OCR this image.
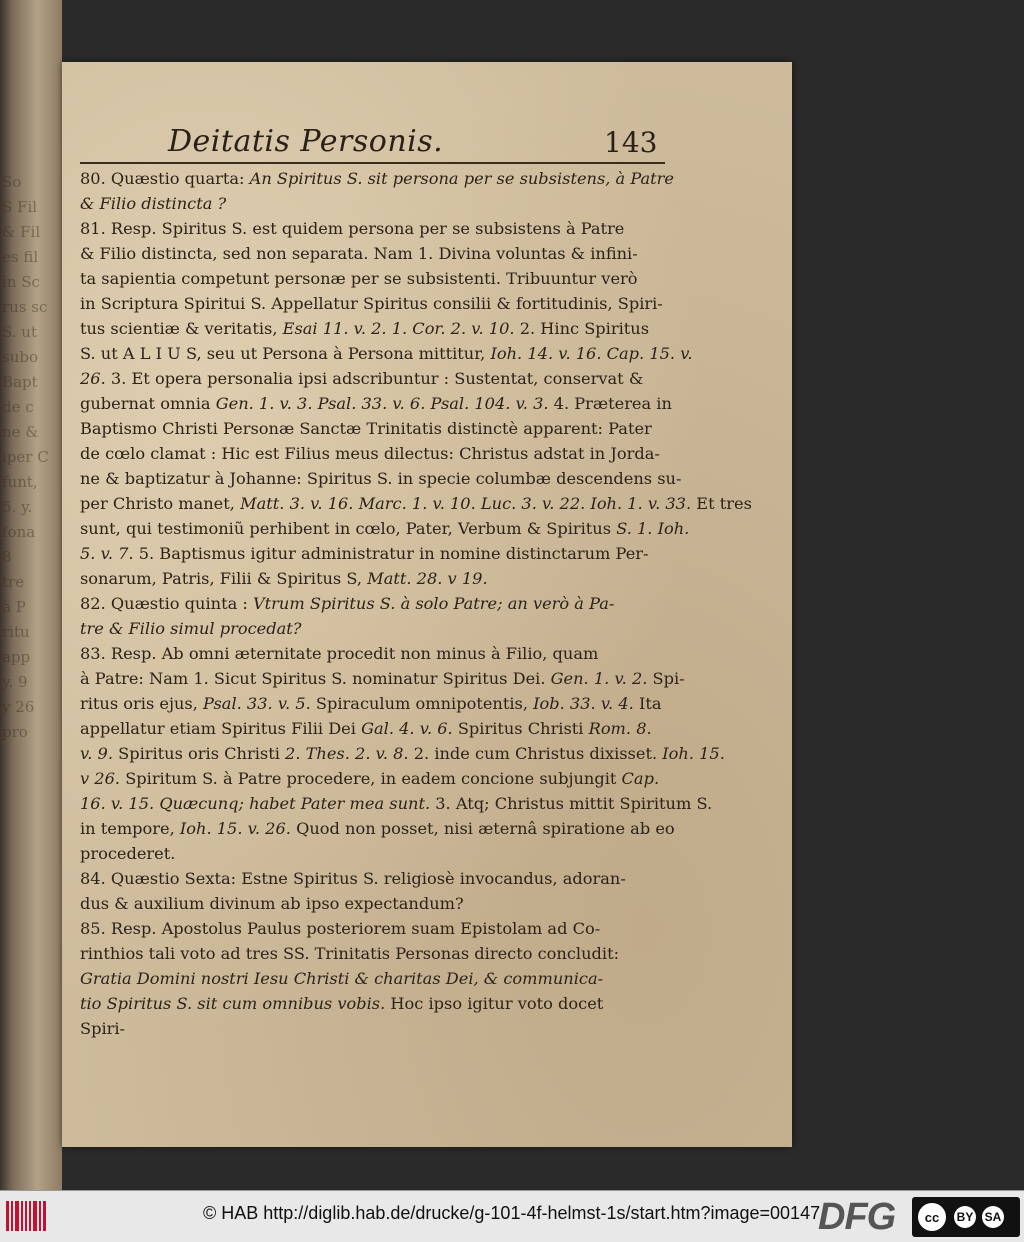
So
S Fil
& Fil
es fil
in Sc
rus sc
S. ut
subo
Bapt
de c
ne &
iper C
funt,
5. y.
fona
8
tre
à P
ritu
app
y. 9
y 26
pro
Deitatis Personis.	143
80. Quæstio quarta: An Spiritus S. sit persona per se subsistens, à Patre
& Filio distincta ?
81. Resp. Spiritus S. est quidem persona per se subsistens à Patre
& Filio distincta, sed non separata. Nam 1. Divina voluntas & infini-
ta sapientia competunt personæ per se subsistenti. Tribuuntur verò
in Scriptura Spiritui S. Appellatur Spiritus consilii & fortitudinis, Spiri-
tus scientiæ & veritatis, Esai 11. v. 2. 1. Cor. 2. v. 10. 2. Hinc Spiritus
S. ut A L I U S, seu ut Persona à Persona mittitur, Ioh. 14. v. 16. Cap. 15. v.
26. 3. Et opera personalia ipsi adscribuntur : Sustentat, conservat &
gubernat omnia Gen. 1. v. 3. Psal. 33. v. 6. Psal. 104. v. 3. 4. Præterea in
Baptismo Christi Personæ Sanctæ Trinitatis distinctè apparent: Pater
de cœlo clamat : Hic est Filius meus dilectus: Christus adstat in Jorda-
ne & baptizatur à Johanne: Spiritus S. in specie columbæ descendens su-
per Christo manet, Matt. 3. v. 16. Marc. 1. v. 10. Luc. 3. v. 22. Ioh. 1. v. 33. Et tres
sunt, qui testimoniũ perhibent in cœlo, Pater, Verbum & Spiritus S. 1. Ioh.
5. v. 7. 5. Baptismus igitur administratur in nomine distinctarum Per-
sonarum, Patris, Filii & Spiritus S, Matt. 28. v 19.
82. Quæstio quinta : Vtrum Spiritus S. à solo Patre; an verò à Pa-
tre & Filio simul procedat?
83. Resp. Ab omni æternitate procedit non minus à Filio, quam
à Patre: Nam 1. Sicut Spiritus S. nominatur Spiritus Dei. Gen. 1. v. 2. Spi-
ritus oris ejus, Psal. 33. v. 5. Spiraculum omnipotentis, Iob. 33. v. 4. Ita
appellatur etiam Spiritus Filii Dei Gal. 4. v. 6. Spiritus Christi Rom. 8.
v. 9. Spiritus oris Christi 2. Thes. 2. v. 8. 2. inde cum Christus dixisset. Ioh. 15.
v 26. Spiritum S. à Patre procedere, in eadem concione subjungit Cap.
16. v. 15. Quæcunq; habet Pater mea sunt. 3. Atq; Christus mittit Spiritum S.
in tempore, Ioh. 15. v. 26. Quod non posset, nisi æternâ spiratione ab eo
procederet.
84. Quæstio Sexta: Estne Spiritus S. religiosè invocandus, adoran-
dus & auxilium divinum ab ipso expectandum?
85. Resp. Apostolus Paulus posteriorem suam Epistolam ad Co-
rinthios tali voto ad tres SS. Trinitatis Personas directo concludit:
Gratia Domini nostri Iesu Christi & charitas Dei, & communica-
tio Spiritus S. sit cum omnibus vobis. Hoc ipso igitur voto docet
Spiri-
© HAB http://diglib.hab.de/drucke/g-101-4f-helmst-1s/start.htm?image=00147
DFG	cc	BY SA
